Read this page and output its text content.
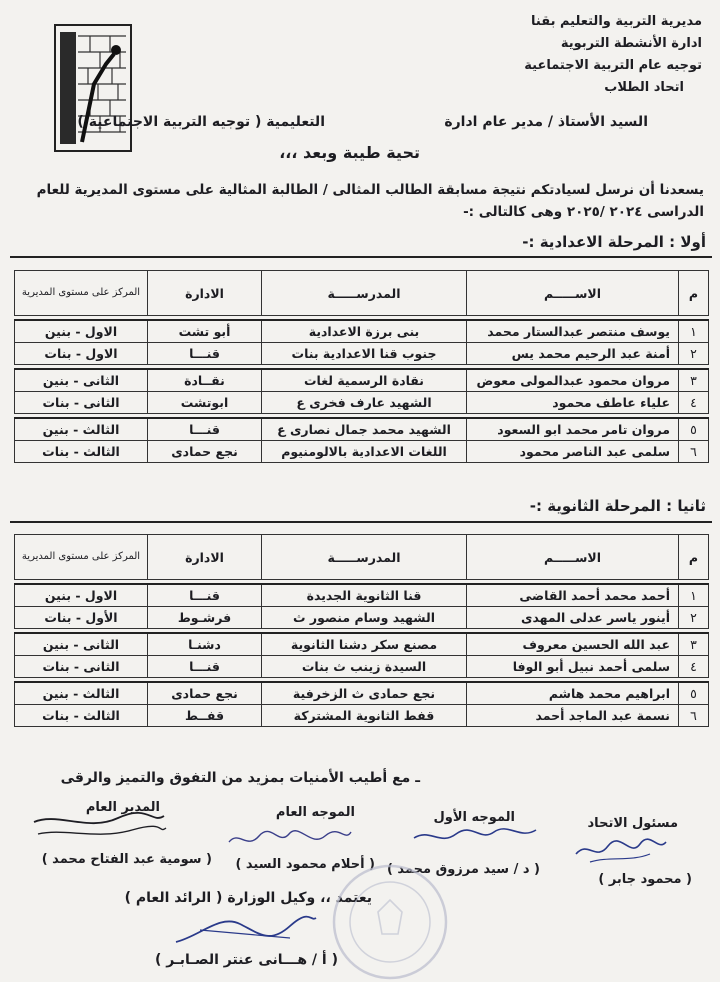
مديرية التربية والتعليم بقنا
ادارة الأنشطة التربوية
توجيه عام التربية الاجتماعية
اتحاد الطلاب
السيد الأستاذ / مدير عام ادارة
التعليمية ( توجيه التربية الاجتماعية )
تحية طيبة وبعد ،،،
يسعدنا أن نرسل لسيادتكم نتيجة مسابقة الطالب المثالى / الطالبة المثالية على مستوى المديرية للعام
الدراسى ٢٠٢٤ /٢٠٢٥ وهى كالتالى :-
أولا : المرحلة الاعدادية :-
م	الاســـــم	المدرســـــة	الادارة	المركز على مستوى المديرية

١	يوسف منتصر عبدالستار محمد	بنى برزة الاعدادية	أبو تشت	الاول - بنين
٢	أمنة عبد الرحيم محمد يس	جنوب قنا الاعدادية بنات	قنـــا	الاول - بنات

٣	مروان محمود عبدالمولى معوض	نقادة الرسمية لغات	نقــادة	الثانى - بنين
٤	علياء عاطف محمود	الشهيد عارف فخرى ع	ابوتشت	الثانى - بنات

٥	مروان تامر محمد ابو السعود	الشهيد محمد جمال نصارى ع	قنـــا	الثالث - بنين
٦	سلمى عبد الناصر محمود	اللغات الاعدادية بالالومنيوم	نجع حمادى	الثالث - بنات
ثانيا : المرحلة الثانوية :-
م	الاســـــم	المدرســـــة	الادارة	المركز على مستوى المديرية

١	أحمد محمد أحمد القاضى	قنا الثانوية الجديدة	قنـــا	الاول - بنين
٢	أينور ياسر عدلى المهدى	الشهيد وسام منصور ث	فرشـوط	الأول - بنات

٣	عبد الله الحسين معروف	مصنع سكر دشنا الثانوية	دشنـا	الثانى - بنين
٤	سلمى أحمد نبيل أبو الوفا	السيدة زينب ث بنات	قنـــا	الثانى - بنات

٥	ابراهيم محمد هاشم	نجع حمادى ث الزخرفية	نجع حمادى	الثالث - بنين
٦	نسمة عبد الماجد أحمد	قفط الثانوية المشتركة	قفــط	الثالث - بنات
ـ مع أطيب الأمنيات بمزيد من التفوق والتميز والرقى
مسئول الاتحاد
الموجه الأول
الموجه العام
المدير العام
( محمود جابر )
( د / سيد مرزوق محمد )
( أحلام محمود السيد )
( سومية عبد الفتاح محمد )
يعتمد ،، وكيل الوزارة ( الرائد العام )
( أ / هـــانى عنتر الصـابـر )
